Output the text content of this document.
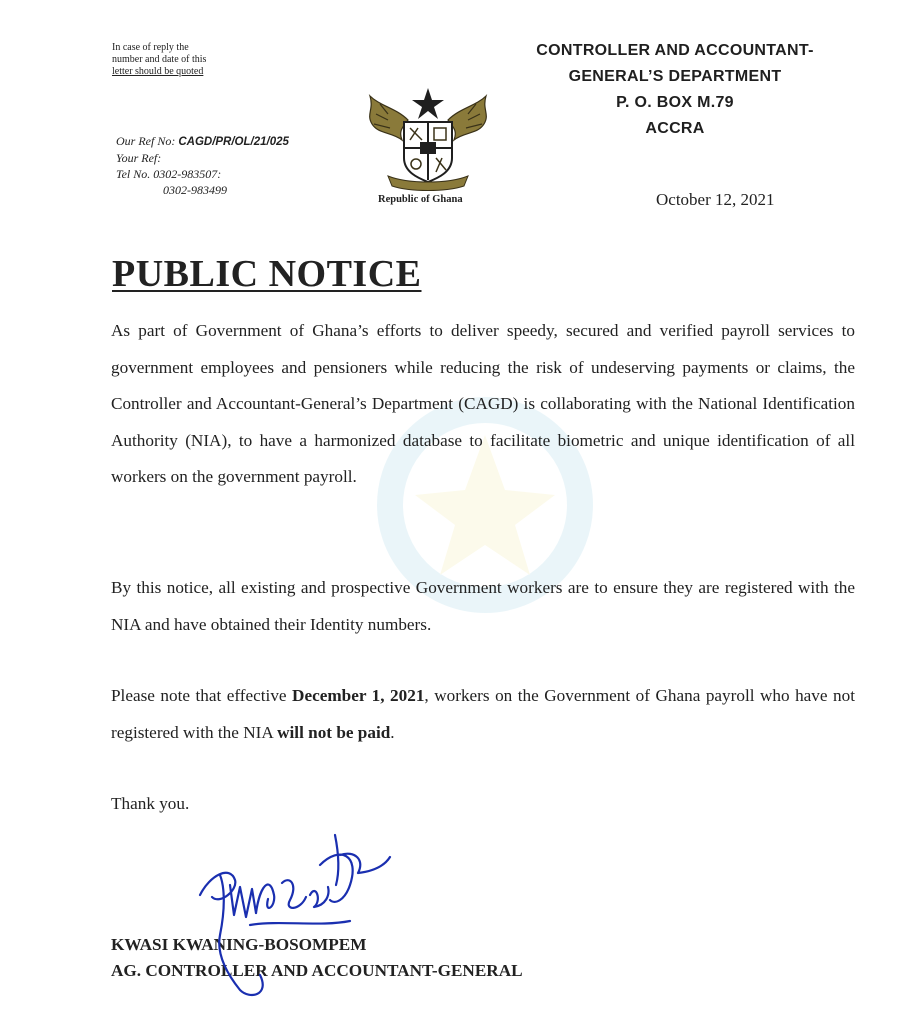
In case of reply the
number and date of this
letter should be quoted
CONTROLLER AND ACCOUNTANT-
GENERAL’S DEPARTMENT
P. O. BOX M.79
ACCRA
Republic of Ghana
Our Ref No: CAGD/PR/OL/21/025
Your Ref:
Tel No. 0302-983507:
0302-983499	October 12, 2021
PUBLIC NOTICE
As part of Government of Ghana’s efforts to deliver speedy, secured and verified payroll services to government employees and pensioners while reducing the risk of undeserving payments or claims, the Controller and Accountant-General’s Department (CAGD) is collaborating with the National Identification Authority (NIA), to have a harmonized database to facilitate biometric and unique identification of all workers on the government payroll.
By this notice, all existing and prospective Government workers are to ensure they are registered with the NIA and have obtained their Identity numbers.
Please note that effective December 1, 2021, workers on the Government of Ghana payroll who have not registered with the NIA will not be paid.
Thank you.
KWASI KWANING-BOSOMPEM
AG. CONTROLLER AND ACCOUNTANT-GENERAL
